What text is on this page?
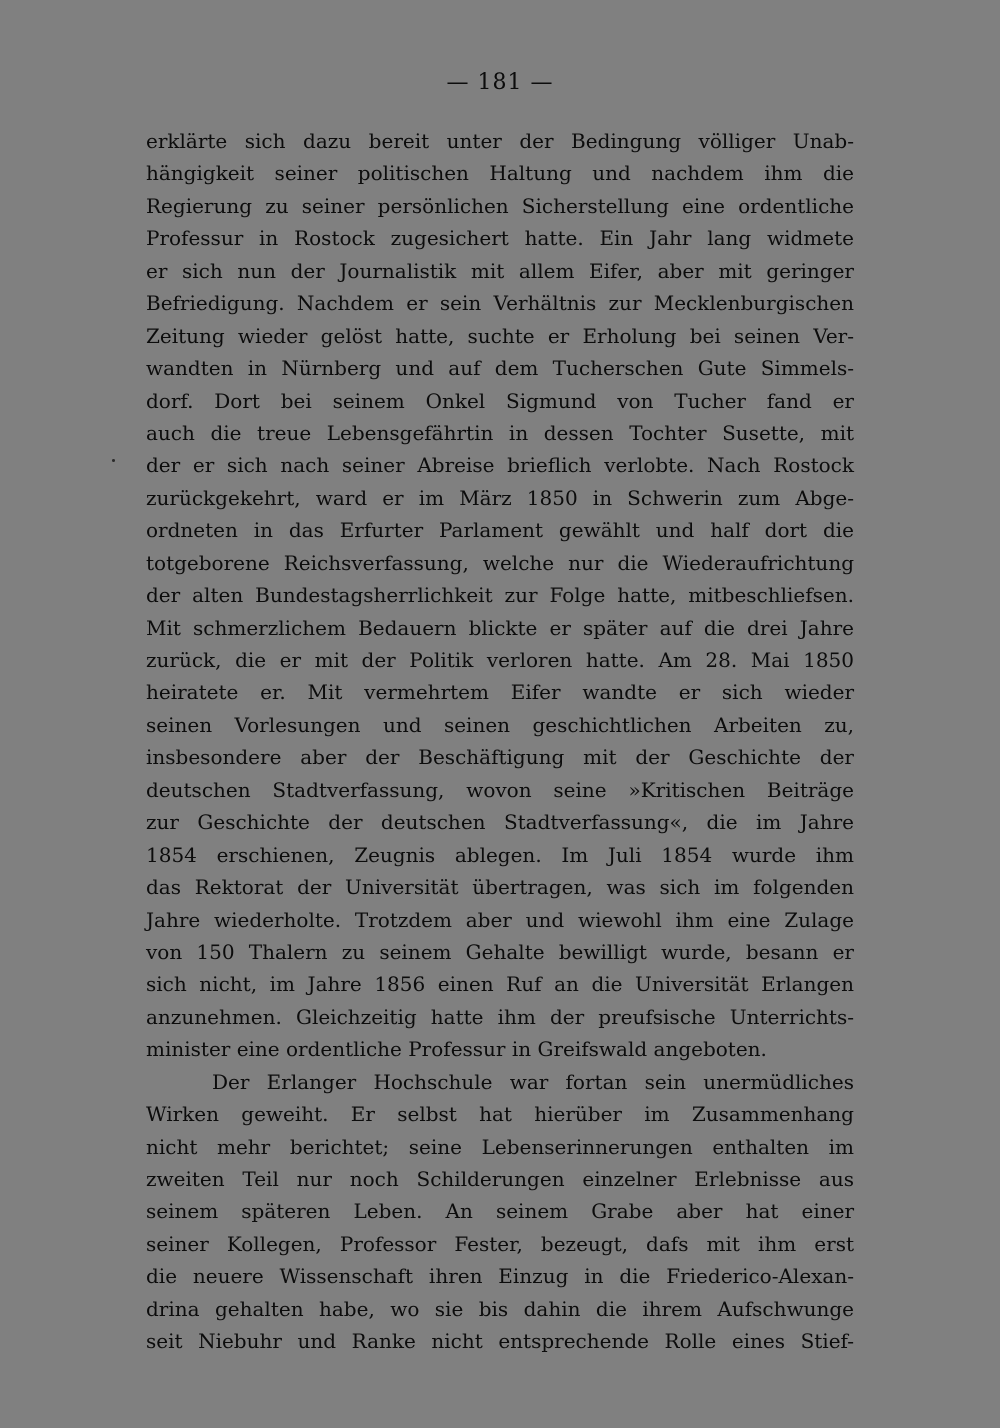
— 181 —
erklärte sich dazu bereit unter der Bedingung völliger Unab-
hängigkeit seiner politischen Haltung und nachdem ihm die
Regierung zu seiner persönlichen Sicherstellung eine ordentliche
Professur in Rostock zugesichert hatte. Ein Jahr lang widmete
er sich nun der Journalistik mit allem Eifer, aber mit geringer
Befriedigung. Nachdem er sein Verhältnis zur Mecklenburgischen
Zeitung wieder gelöst hatte, suchte er Erholung bei seinen Ver-
wandten in Nürnberg und auf dem Tucherschen Gute Simmels-
dorf. Dort bei seinem Onkel Sigmund von Tucher fand er
auch die treue Lebensgefährtin in dessen Tochter Susette, mit
der er sich nach seiner Abreise brieflich verlobte. Nach Rostock
zurückgekehrt, ward er im März 1850 in Schwerin zum Abge-
ordneten in das Erfurter Parlament gewählt und half dort die
totgeborene Reichsverfassung, welche nur die Wiederaufrichtung
der alten Bundestagsherrlichkeit zur Folge hatte, mitbeschliefsen.
Mit schmerzlichem Bedauern blickte er später auf die drei Jahre
zurück, die er mit der Politik verloren hatte. Am 28. Mai 1850
heiratete er. Mit vermehrtem Eifer wandte er sich wieder
seinen Vorlesungen und seinen geschichtlichen Arbeiten zu,
insbesondere aber der Beschäftigung mit der Geschichte der
deutschen Stadtverfassung, wovon seine »Kritischen Beiträge
zur Geschichte der deutschen Stadtverfassung«, die im Jahre
1854 erschienen, Zeugnis ablegen. Im Juli 1854 wurde ihm
das Rektorat der Universität übertragen, was sich im folgenden
Jahre wiederholte. Trotzdem aber und wiewohl ihm eine Zulage
von 150 Thalern zu seinem Gehalte bewilligt wurde, besann er
sich nicht, im Jahre 1856 einen Ruf an die Universität Erlangen
anzunehmen. Gleichzeitig hatte ihm der preufsische Unterrichts-
minister eine ordentliche Professur in Greifswald angeboten.
Der Erlanger Hochschule war fortan sein unermüdliches
Wirken geweiht. Er selbst hat hierüber im Zusammenhang
nicht mehr berichtet; seine Lebenserinnerungen enthalten im
zweiten Teil nur noch Schilderungen einzelner Erlebnisse aus
seinem späteren Leben. An seinem Grabe aber hat einer
seiner Kollegen, Professor Fester, bezeugt, dafs mit ihm erst
die neuere Wissenschaft ihren Einzug in die Friederico-Alexan-
drina gehalten habe, wo sie bis dahin die ihrem Aufschwunge
seit Niebuhr und Ranke nicht entsprechende Rolle eines Stief-
